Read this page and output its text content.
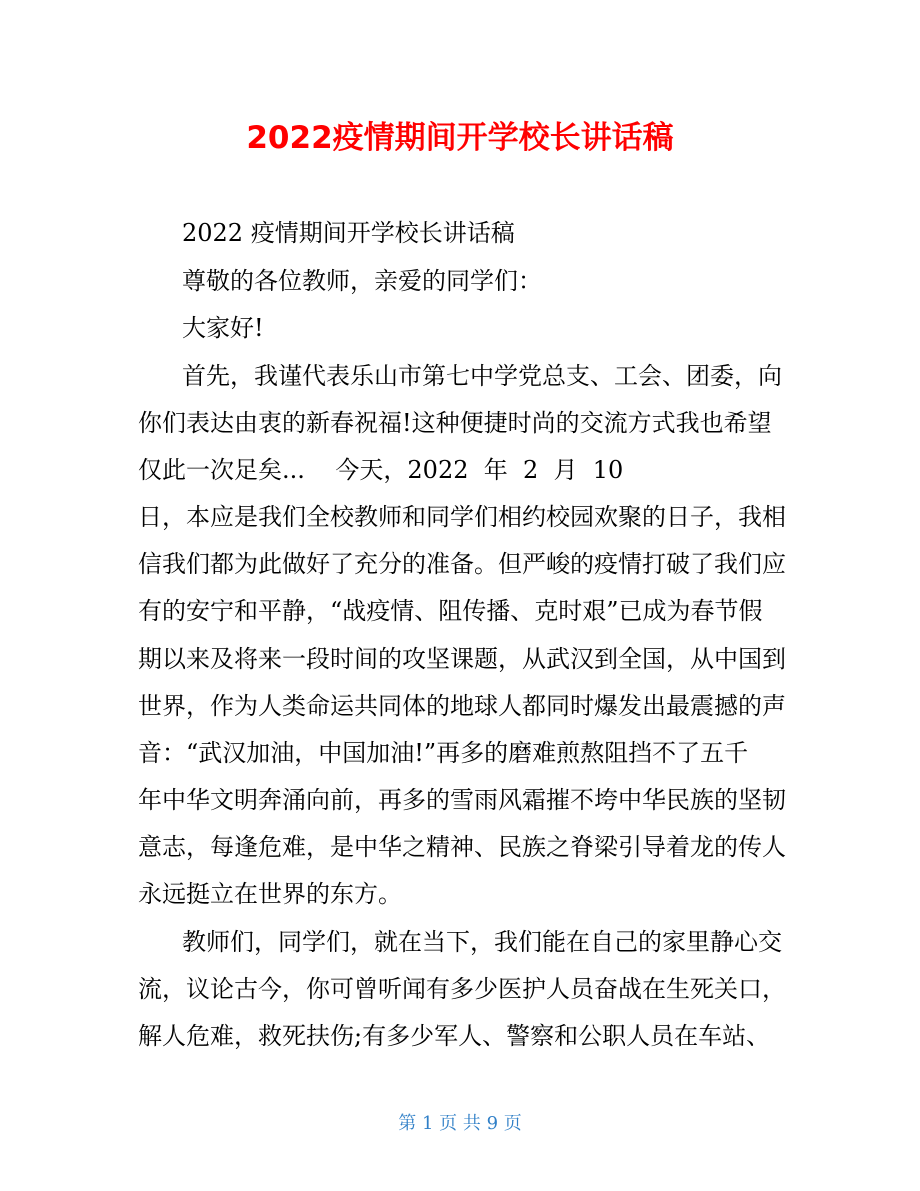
2022疫情期间开学校长讲话稿

2022 疫情期间开学校长讲话稿

尊敬的各位教师，亲爱的同学们：

大家好!

首先，我谨代表乐山市第七中学党总支、工会、团委，向

你们表达由衷的新春祝福!这种便捷时尚的交流方式我也希望

仅此一次足矣...    今天，2022  年  2  月  10

日，本应是我们全校教师和同学们相约校园欢聚的日子，我相

信我们都为此做好了充分的准备。但严峻的疫情打破了我们应

有的安宁和平静，“战疫情、阻传播、克时艰”已成为春节假

期以来及将来一段时间的攻坚课题，从武汉到全国，从中国到

世界，作为人类命运共同体的地球人都同时爆发出最震撼的声

音：“武汉加油，中国加油!”再多的磨难煎熬阻挡不了五千

年中华文明奔涌向前，再多的雪雨风霜摧不垮中华民族的坚韧

意志，每逢危难，是中华之精神、民族之脊梁引导着龙的传人

永远挺立在世界的东方。

教师们，同学们，就在当下，我们能在自己的家里静心交

流，议论古今，你可曾听闻有多少医护人员奋战在生死关口，

解人危难，救死扶伤;有多少军人、警察和公职人员在车站、

第 1 页 共 9 页
